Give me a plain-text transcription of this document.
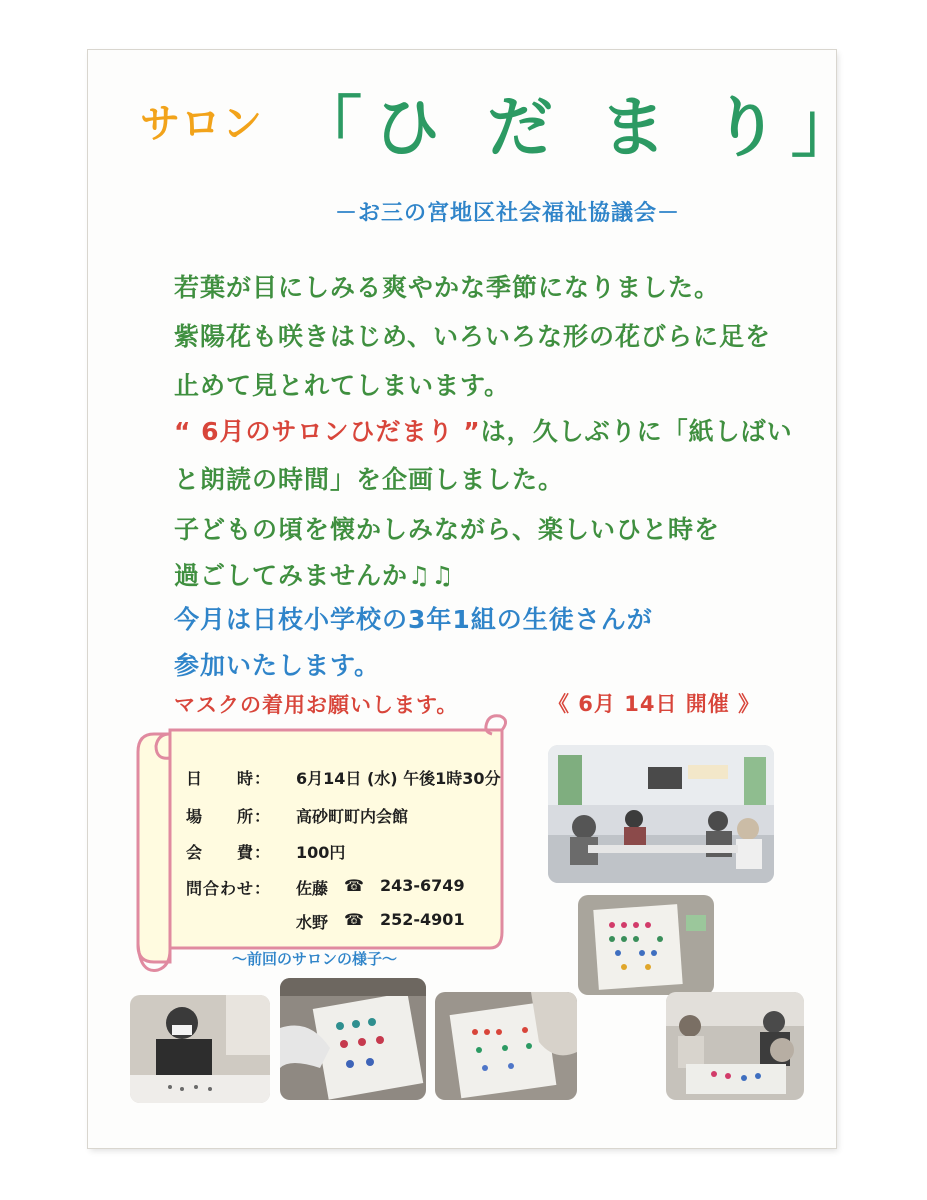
サロン 「ひ だ ま り」
－お三の宮地区社会福祉協議会－
若葉が目にしみる爽やかな季節になりました。
紫陽花も咲きはじめ、いろいろな形の花びらに足を
止めて見とれてしまいます。
“ 6月のサロンひだまり ”は，久しぶりに「紙しばい
と朗読の時間」を企画しました。
子どもの頃を懐かしみながら、楽しいひと時を
過ごしてみませんか♫♫
今月は日枝小学校の3年1組の生徒さんが
参加いたします。
マスクの着用お願いします。	《 6月 14日 開催 》
日　　時： 6月14日 (水) 午後1時30分
場　　所： 高砂町町内会館
会　　費： 100円
問合わせ： 佐藤 ☎ 243-6749
水野 ☎ 252-4901
～前回のサロンの様子～
